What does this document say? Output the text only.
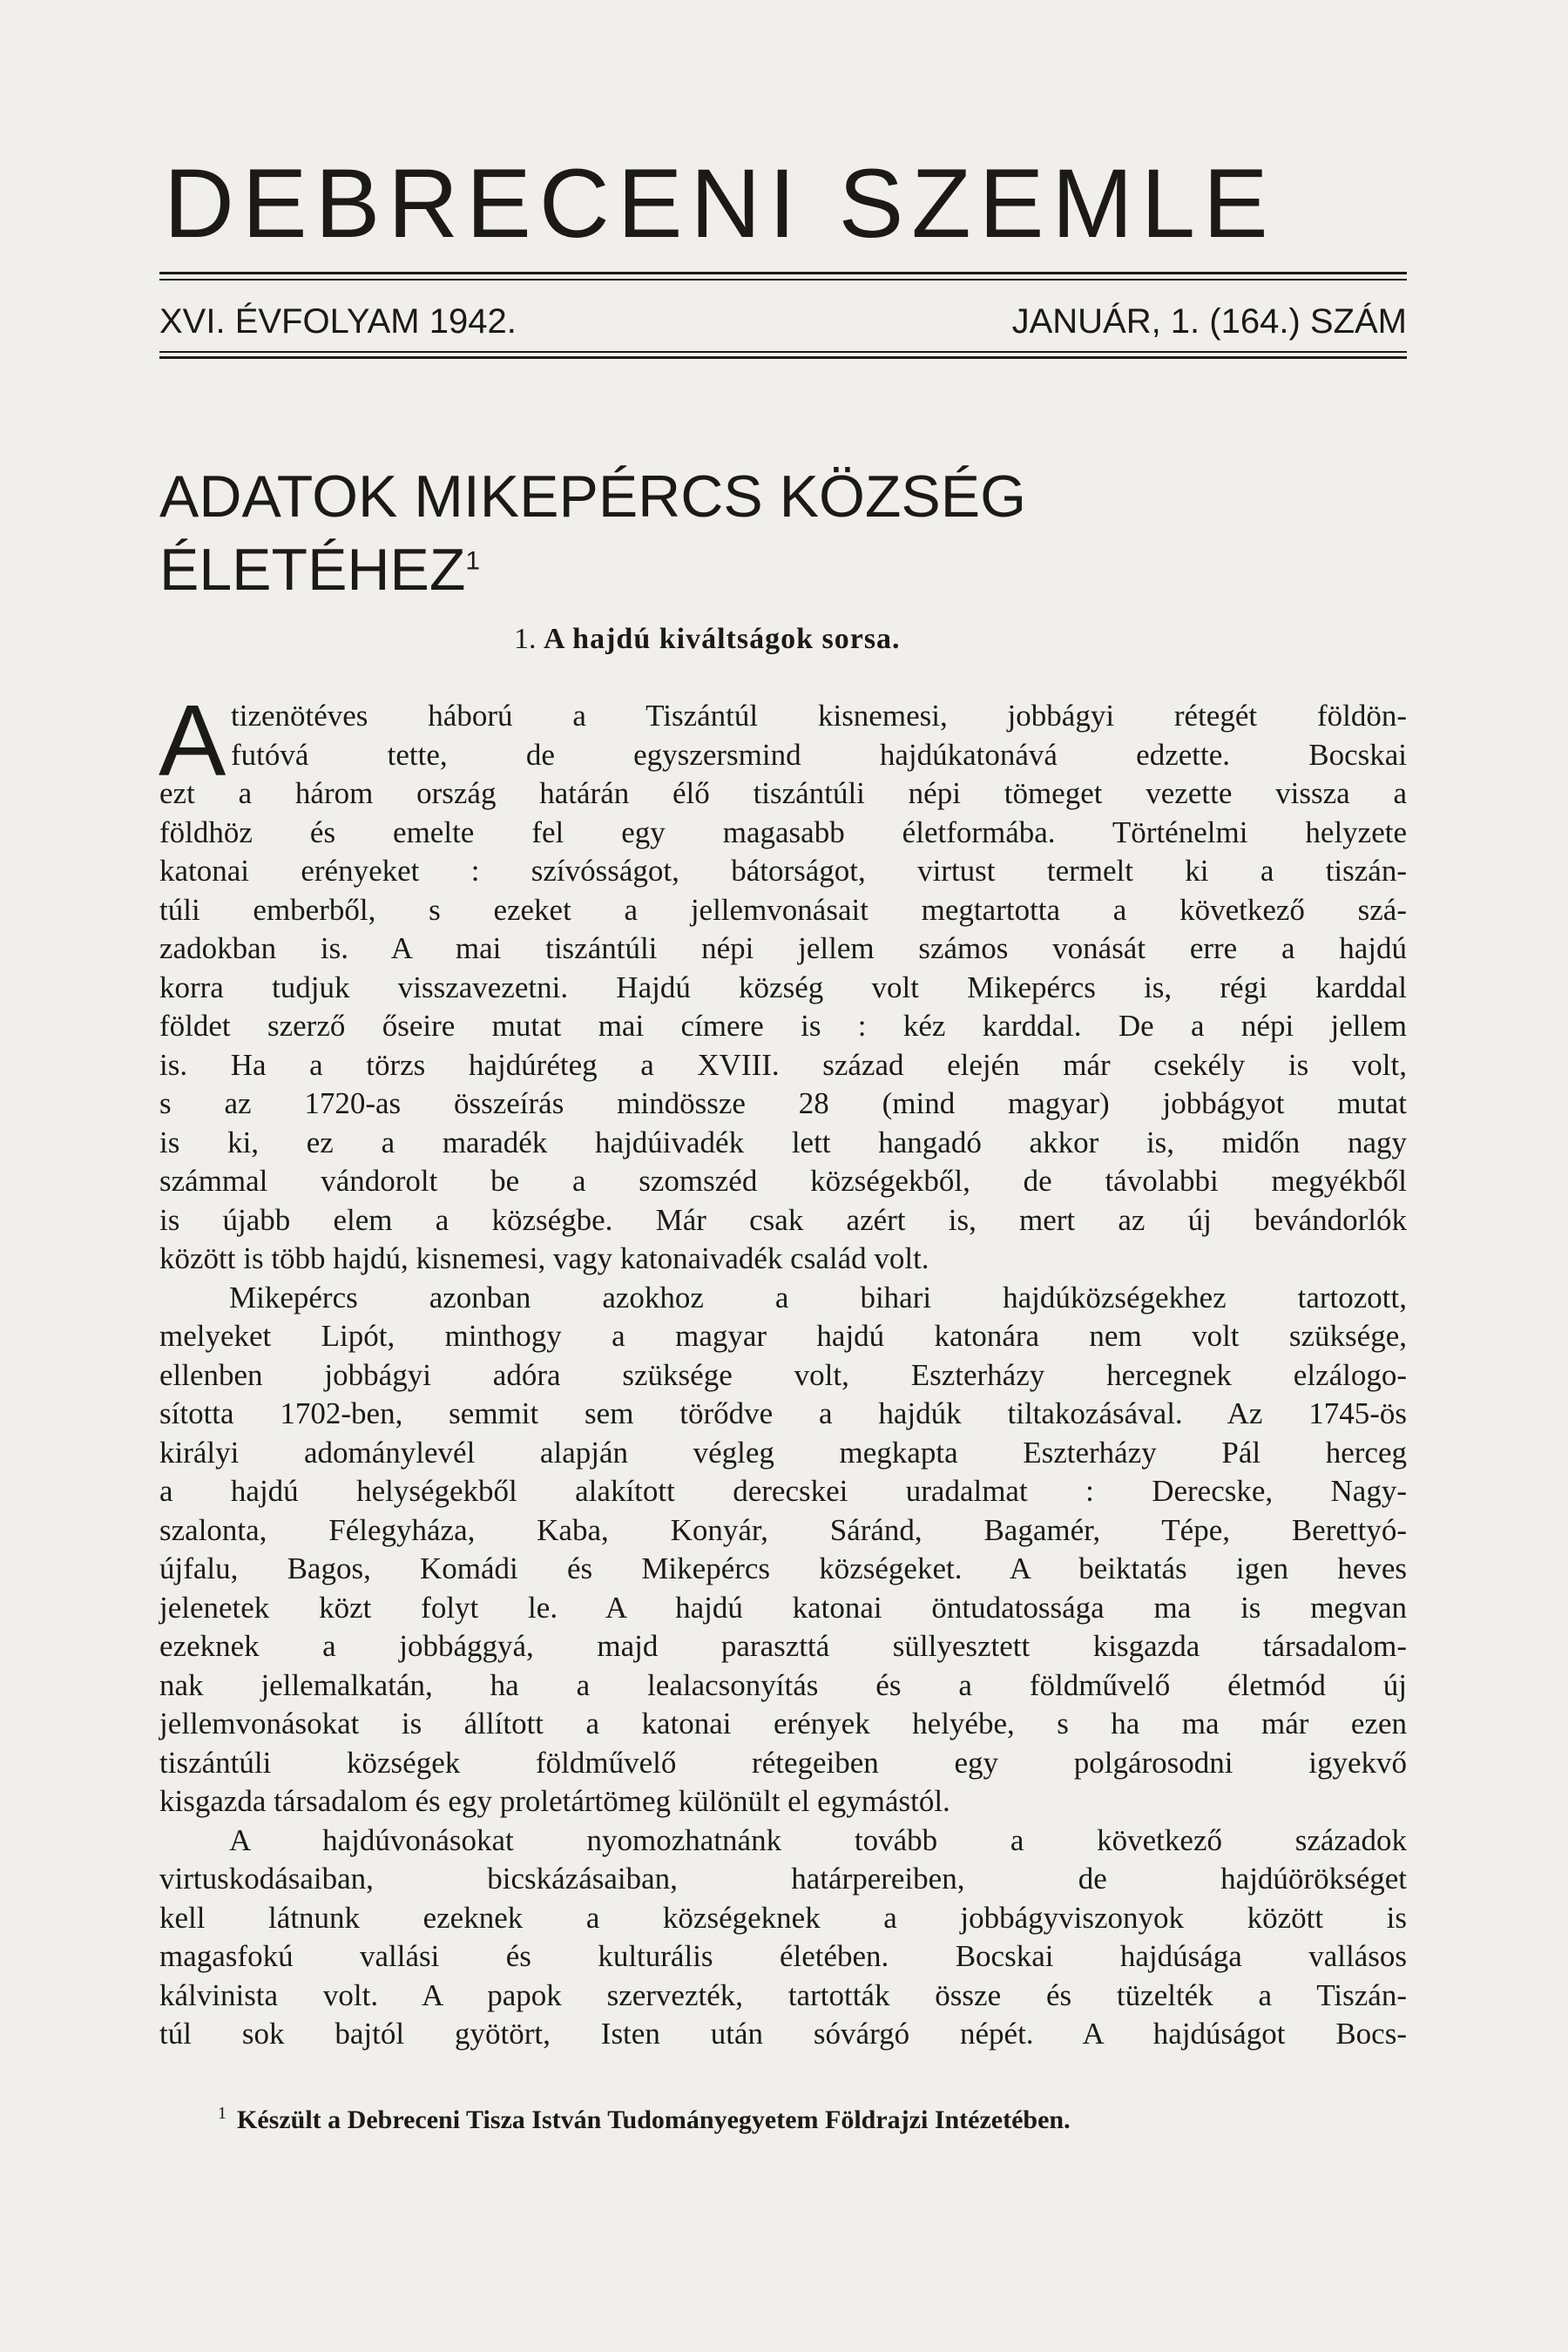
DEBRECENI SZEMLE
XVI. ÉVFOLYAM 1942.	JANUÁR, 1. (164.) SZÁM
ADATOK MIKEPÉRCS KÖZSÉG
ÉLETÉHEZ$^1$
1. A hajdú kiváltságok sorsa.
A tizenötéves háború a Tiszántúl kisnemesi, jobbágyi rétegét földön-
futóvá tette, de egyszersmind hajdúkatonává edzette. Bocskai
ezt a három ország határán élő tiszántúli népi tömeget vezette vissza a
földhöz és emelte fel egy magasabb életformába. Történelmi helyzete
katonai erényeket : szívósságot, bátorságot, virtust termelt ki a tiszán-
túli emberből, s ezeket a jellemvonásait megtartotta a következő szá-
zadokban is. A mai tiszántúli népi jellem számos vonását erre a hajdú
korra tudjuk visszavezetni. Hajdú község volt Mikepércs is, régi karddal
földet szerző őseire mutat mai címere is : kéz karddal. De a népi jellem
is. Ha a törzs hajdúréteg a XVIII. század elején már csekély is volt,
s az 1720-as összeírás mindössze 28 (mind magyar) jobbágyot mutat
is ki, ez a maradék hajdúivadék lett hangadó akkor is, midőn nagy
számmal vándorolt be a szomszéd községekből, de távolabbi megyékből
is újabb elem a községbe. Már csak azért is, mert az új bevándorlók
között is több hajdú, kisnemesi, vagy katonaivadék család volt.
Mikepércs azonban azokhoz a bihari hajdúközségekhez tartozott,
melyeket Lipót, minthogy a magyar hajdú katonára nem volt szüksége,
ellenben jobbágyi adóra szüksége volt, Eszterházy hercegnek elzálogo-
sította 1702-ben, semmit sem törődve a hajdúk tiltakozásával. Az 1745-ös
királyi adománylevél alapján végleg megkapta Eszterházy Pál herceg
a hajdú helységekből alakított derecskei uradalmat : Derecske, Nagy-
szalonta, Félegyháza, Kaba, Konyár, Sáránd, Bagamér, Tépe, Berettyó-
újfalu, Bagos, Komádi és Mikepércs községeket. A beiktatás igen heves
jelenetek közt folyt le. A hajdú katonai öntudatossága ma is megvan
ezeknek a jobbággyá, majd paraszttá süllyesztett kisgazda társadalom-
nak jellemalkatán, ha a lealacsonyítás és a földművelő életmód új
jellemvonásokat is állított a katonai erények helyébe, s ha ma már ezen
tiszántúli községek földművelő rétegeiben egy polgárosodni igyekvő
kisgazda társadalom és egy proletártömeg különült el egymástól.
A hajdúvonásokat nyomozhatnánk tovább a következő századok
virtuskodásaiban, bicskázásaiban, határpereiben, de hajdúörökséget
kell látnunk ezeknek a községeknek a jobbágyviszonyok között is
magasfokú vallási és kulturális életében. Bocskai hajdúsága vallásos
kálvinista volt. A papok szervezték, tartották össze és tüzelték a Tiszán-
túl sok bajtól gyötört, Isten után sóvárgó népét. A hajdúságot Bocs-
$^1$ Készült a Debreceni Tisza István Tudományegyetem Földrajzi Intézetében.
